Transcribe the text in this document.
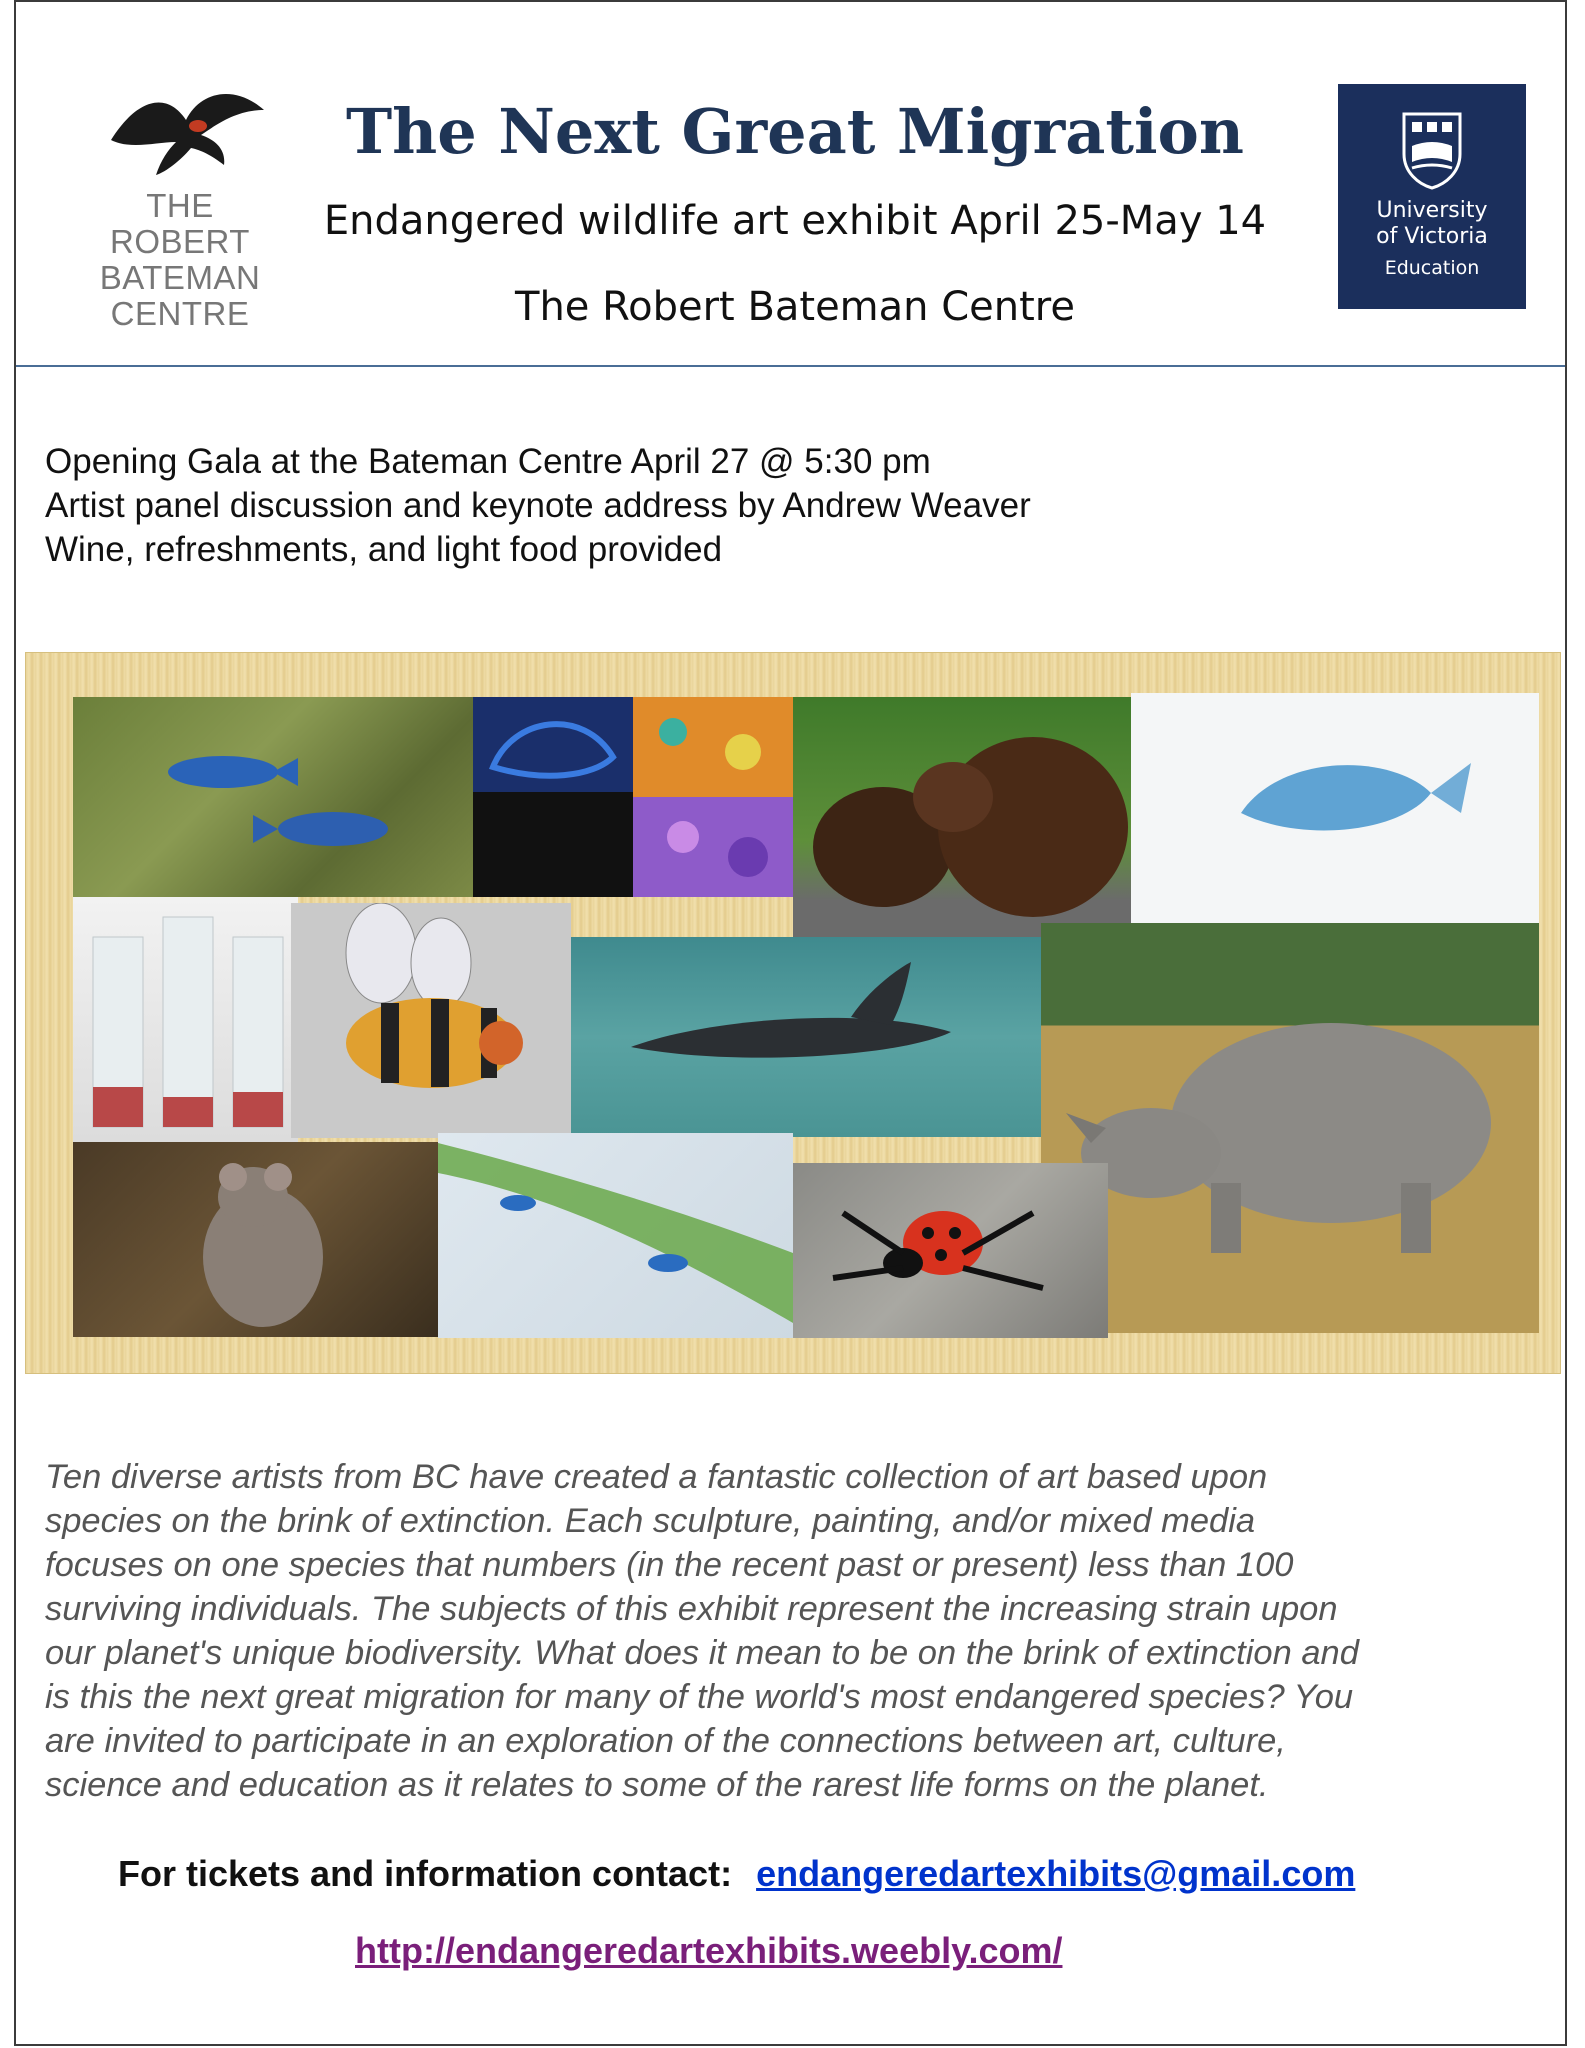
THE
ROBERT
BATEMAN
CENTRE
The Next Great Migration
Endangered wildlife art exhibit April 25-May 14
The Robert Bateman Centre
University
of Victoria
Education
Opening Gala at the Bateman Centre April 27 @ 5:30 pm
Artist panel discussion and keynote address by Andrew Weaver
Wine, refreshments, and light food provided
Ten diverse artists from BC have created a fantastic collection of art based upon
species on the brink of extinction. Each sculpture, painting, and/or mixed media
focuses on one species that numbers (in the recent past or present) less than 100
surviving individuals. The subjects of this exhibit represent the increasing strain upon
our planet's unique biodiversity. What does it mean to be on the brink of extinction and
is this the next great migration for many of the world's most endangered species? You
are invited to participate in an exploration of the connections between art, culture,
science and education as it relates to some of the rarest life forms on the planet.
For tickets and information contact: endangeredartexhibits@gmail.com
http://endangeredartexhibits.weebly.com/
